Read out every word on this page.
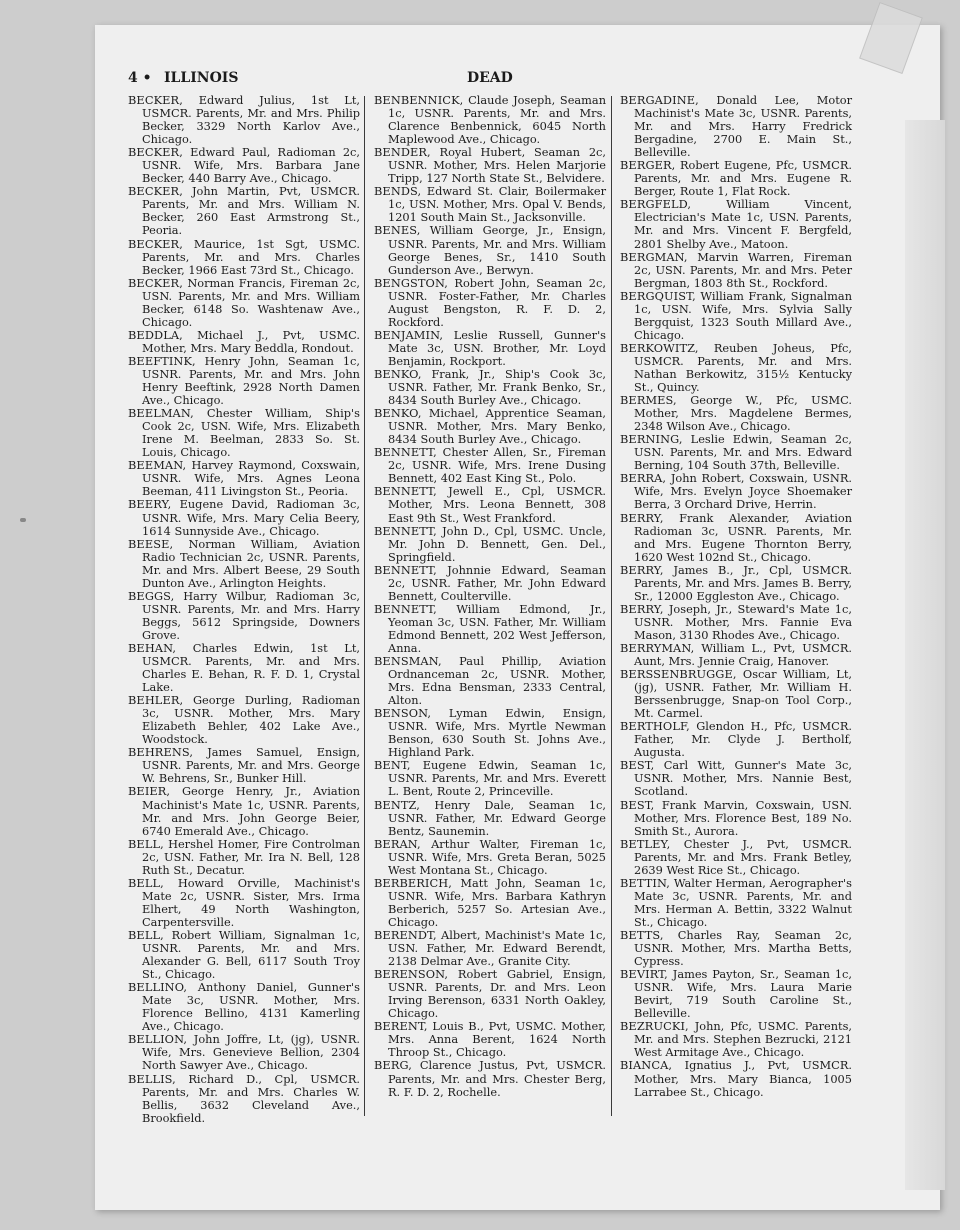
4 • ILLINOIS	DEAD
BECKER, Edward Julius, 1st Lt, USMCR. Parents, Mr. and Mrs. Philip Becker, 3329 North Karlov Ave., Chicago.
BECKER, Edward Paul, Radioman 2c, USNR. Wife, Mrs. Barbara Jane Becker, 440 Barry Ave., Chicago.
BECKER, John Martin, Pvt, USMCR. Parents, Mr. and Mrs. William N. Becker, 260 East Armstrong St., Peoria.
BECKER, Maurice, 1st Sgt, USMC. Parents, Mr. and Mrs. Charles Becker, 1966 East 73rd St., Chicago.
BECKER, Norman Francis, Fireman 2c, USN. Parents, Mr. and Mrs. William Becker, 6148 So. Washtenaw Ave., Chicago.
BEDDLA, Michael J., Pvt, USMC. Mother, Mrs. Mary Beddla, Rondout.
BEEFTINK, Henry John, Seaman 1c, USNR. Parents, Mr. and Mrs. John Henry Beeftink, 2928 North Damen Ave., Chicago.
BEELMAN, Chester William, Ship's Cook 2c, USN. Wife, Mrs. Elizabeth Irene M. Beelman, 2833 So. St. Louis, Chicago.
BEEMAN, Harvey Raymond, Coxswain, USNR. Wife, Mrs. Agnes Leona Beeman, 411 Livingston St., Peoria.
BEERY, Eugene David, Radioman 3c, USNR. Wife, Mrs. Mary Celia Beery, 1614 Sunnyside Ave., Chicago.
BEESE, Norman William, Aviation Radio Technician 2c, USNR. Parents, Mr. and Mrs. Albert Beese, 29 South Dunton Ave., Arlington Heights.
BEGGS, Harry Wilbur, Radioman 3c, USNR. Parents, Mr. and Mrs. Harry Beggs, 5612 Springside, Downers Grove.
BEHAN, Charles Edwin, 1st Lt, USMCR. Parents, Mr. and Mrs. Charles E. Behan, R. F. D. 1, Crystal Lake.
BEHLER, George Durling, Radioman 3c, USNR. Mother, Mrs. Mary Elizabeth Behler, 402 Lake Ave., Woodstock.
BEHRENS, James Samuel, Ensign, USNR. Parents, Mr. and Mrs. George W. Behrens, Sr., Bunker Hill.
BEIER, George Henry, Jr., Aviation Machinist's Mate 1c, USNR. Parents, Mr. and Mrs. John George Beier, 6740 Emerald Ave., Chicago.
BELL, Hershel Homer, Fire Controlman 2c, USN. Father, Mr. Ira N. Bell, 128 Ruth St., Decatur.
BELL, Howard Orville, Machinist's Mate 2c, USNR. Sister, Mrs. Irma Elhert, 49 North Washington, Carpentersville.
BELL, Robert William, Signalman 1c, USNR. Parents, Mr. and Mrs. Alexander G. Bell, 6117 South Troy St., Chicago.
BELLINO, Anthony Daniel, Gunner's Mate 3c, USNR. Mother, Mrs. Florence Bellino, 4131 Kamerling Ave., Chicago.
BELLION, John Joffre, Lt, (jg), USNR. Wife, Mrs. Genevieve Bellion, 2304 North Sawyer Ave., Chicago.
BELLIS, Richard D., Cpl, USMCR. Parents, Mr. and Mrs. Charles W. Bellis, 3632 Cleveland Ave., Brookfield.
BENBENNICK, Claude Joseph, Seaman 1c, USNR. Parents, Mr. and Mrs. Clarence Benbennick, 6045 North Maplewood Ave., Chicago.
BENDER, Royal Hubert, Seaman 2c, USNR. Mother, Mrs. Helen Marjorie Tripp, 127 North State St., Belvidere.
BENDS, Edward St. Clair, Boilermaker 1c, USN. Mother, Mrs. Opal V. Bends, 1201 South Main St., Jacksonville.
BENES, William George, Jr., Ensign, USNR. Parents, Mr. and Mrs. William George Benes, Sr., 1410 South Gunderson Ave., Berwyn.
BENGSTON, Robert John, Seaman 2c, USNR. Foster-Father, Mr. Charles August Bengston, R. F. D. 2, Rockford.
BENJAMIN, Leslie Russell, Gunner's Mate 3c, USN. Brother, Mr. Loyd Benjamin, Rockport.
BENKO, Frank, Jr., Ship's Cook 3c, USNR. Father, Mr. Frank Benko, Sr., 8434 South Burley Ave., Chicago.
BENKO, Michael, Apprentice Seaman, USNR. Mother, Mrs. Mary Benko, 8434 South Burley Ave., Chicago.
BENNETT, Chester Allen, Sr., Fireman 2c, USNR. Wife, Mrs. Irene Dusing Bennett, 402 East King St., Polo.
BENNETT, Jewell E., Cpl, USMCR. Mother, Mrs. Leona Bennett, 308 East 9th St., West Frankford.
BENNETT, John D., Cpl, USMC. Uncle, Mr. John D. Bennett, Gen. Del., Springfield.
BENNETT, Johnnie Edward, Seaman 2c, USNR. Father, Mr. John Edward Bennett, Coulterville.
BENNETT, William Edmond, Jr., Yeoman 3c, USN. Father, Mr. William Edmond Bennett, 202 West Jefferson, Anna.
BENSMAN, Paul Phillip, Aviation Ordnanceman 2c, USNR. Mother, Mrs. Edna Bensman, 2333 Central, Alton.
BENSON, Lyman Edwin, Ensign, USNR. Wife, Mrs. Myrtle Newman Benson, 630 South St. Johns Ave., Highland Park.
BENT, Eugene Edwin, Seaman 1c, USNR. Parents, Mr. and Mrs. Everett L. Bent, Route 2, Princeville.
BENTZ, Henry Dale, Seaman 1c, USNR. Father, Mr. Edward George Bentz, Saunemin.
BERAN, Arthur Walter, Fireman 1c, USNR. Wife, Mrs. Greta Beran, 5025 West Montana St., Chicago.
BERBERICH, Matt John, Seaman 1c, USNR. Wife, Mrs. Barbara Kathryn Berberich, 5257 So. Artesian Ave., Chicago.
BERENDT, Albert, Machinist's Mate 1c, USN. Father, Mr. Edward Berendt, 2138 Delmar Ave., Granite City.
BERENSON, Robert Gabriel, Ensign, USNR. Parents, Dr. and Mrs. Leon Irving Berenson, 6331 North Oakley, Chicago.
BERENT, Louis B., Pvt, USMC. Mother, Mrs. Anna Berent, 1624 North Throop St., Chicago.
BERG, Clarence Justus, Pvt, USMCR. Parents, Mr. and Mrs. Chester Berg, R. F. D. 2, Rochelle.
BERGADINE, Donald Lee, Motor Machinist's Mate 3c, USNR. Parents, Mr. and Mrs. Harry Fredrick Bergadine, 2700 E. Main St., Belleville.
BERGER, Robert Eugene, Pfc, USMCR. Parents, Mr. and Mrs. Eugene R. Berger, Route 1, Flat Rock.
BERGFELD,	William Vincent, Electrician's Mate 1c, USN. Parents, Mr. and Mrs. Vincent F. Bergfeld, 2801 Shelby Ave., Matoon.
BERGMAN, Marvin Warren, Fireman 2c, USN. Parents, Mr. and Mrs. Peter Bergman, 1803 8th St., Rockford.
BERGQUIST, William Frank, Signalman 1c, USN. Wife, Mrs. Sylvia Sally Bergquist, 1323 South Millard Ave., Chicago.
BERKOWITZ, Reuben Joheus, Pfc, USMCR. Parents, Mr. and Mrs. Nathan Berkowitz, 315½ Kentucky St., Quincy.
BERMES, George W., Pfc, USMC. Mother, Mrs. Magdelene Bermes, 2348 Wilson Ave., Chicago.
BERNING, Leslie Edwin, Seaman 2c, USN. Parents, Mr. and Mrs. Edward Berning, 104 South 37th, Belleville.
BERRA, John Robert, Coxswain, USNR. Wife, Mrs. Evelyn Joyce Shoemaker Berra, 3 Orchard Drive, Herrin.
BERRY, Frank Alexander, Aviation Radioman 3c, USNR. Parents, Mr. and Mrs. Eugene Thornton Berry, 1620 West 102nd St., Chicago.
BERRY, James B., Jr., Cpl, USMCR. Parents, Mr. and Mrs. James B. Berry, Sr., 12000 Eggleston Ave., Chicago.
BERRY, Joseph, Jr., Steward's Mate 1c, USNR. Mother, Mrs. Fannie Eva Mason, 3130 Rhodes Ave., Chicago.
BERRYMAN, William L., Pvt, USMCR. Aunt, Mrs. Jennie Craig, Hanover.
BERSSENBRUGGE, Oscar William, Lt, (jg), USNR. Father, Mr. William H. Berssenbrugge, Snap-on Tool Corp., Mt. Carmel.
BERTHOLF, Glendon H., Pfc, USMCR. Father, Mr. Clyde J. Bertholf, Augusta.
BEST, Carl Witt, Gunner's Mate 3c, USNR. Mother, Mrs. Nannie Best, Scotland.
BEST, Frank Marvin, Coxswain, USN. Mother, Mrs. Florence Best, 189 No. Smith St., Aurora.
BETLEY, Chester J., Pvt, USMCR. Parents, Mr. and Mrs. Frank Betley, 2639 West Rice St., Chicago.
BETTIN, Walter Herman, Aerographer's Mate 3c, USNR. Parents, Mr. and Mrs. Herman A. Bettin, 3322 Walnut St., Chicago.
BETTS, Charles Ray, Seaman 2c, USNR. Mother, Mrs. Martha Betts, Cypress.
BEVIRT, James Payton, Sr., Seaman 1c, USNR. Wife, Mrs. Laura Marie Bevirt, 719 South Caroline St., Belleville.
BEZRUCKI, John, Pfc, USMC. Parents, Mr. and Mrs. Stephen Bezrucki, 2121 West Armitage Ave., Chicago.
BIANCA, Ignatius J., Pvt, USMCR. Mother, Mrs. Mary Bianca, 1005 Larrabee St., Chicago.
